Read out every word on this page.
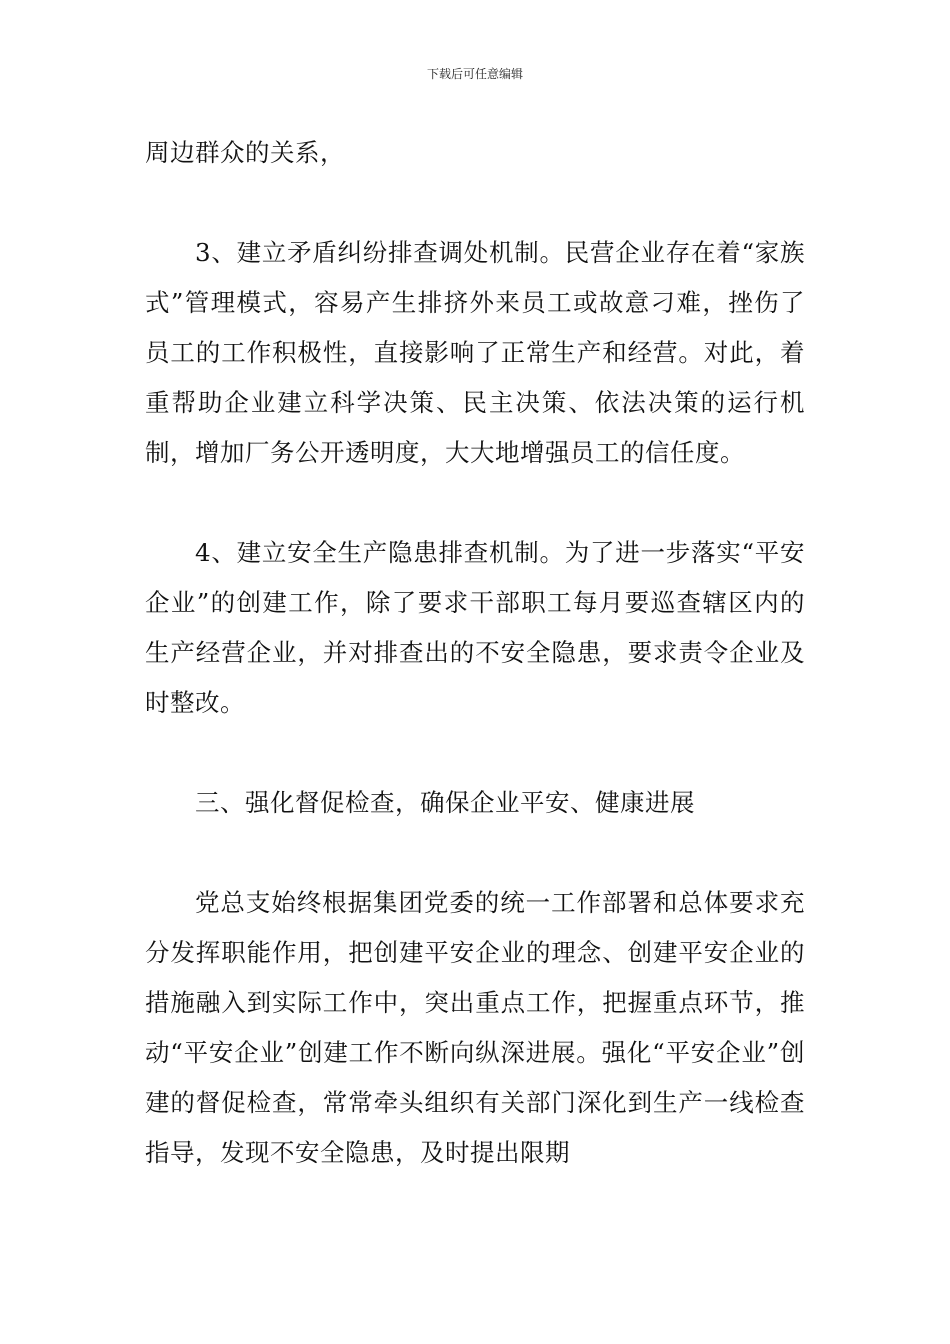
下载后可任意编辑

周边群众的关系，

3、建立矛盾纠纷排查调处机制。民营企业存在着“家族式”管理模式，容易产生排挤外来员工或故意刁难，挫伤了员工的工作积极性，直接影响了正常生产和经营。对此，着重帮助企业建立科学决策、民主决策、依法决策的运行机制，增加厂务公开透明度，大大地增强员工的信任度。

4、建立安全生产隐患排查机制。为了进一步落实“平安企业”的创建工作，除了要求干部职工每月要巡查辖区内的生产经营企业，并对排查出的不安全隐患，要求责令企业及时整改。

三、强化督促检查，确保企业平安、健康进展

党总支始终根据集团党委的统一工作部署和总体要求充分发挥职能作用，把创建平安企业的理念、创建平安企业的措施融入到实际工作中，突出重点工作，把握重点环节，推动“平安企业”创建工作不断向纵深进展。强化“平安企业”创建的督促检查，常常牵头组织有关部门深化到生产一线检查指导，发现不安全隐患，及时提出限期
